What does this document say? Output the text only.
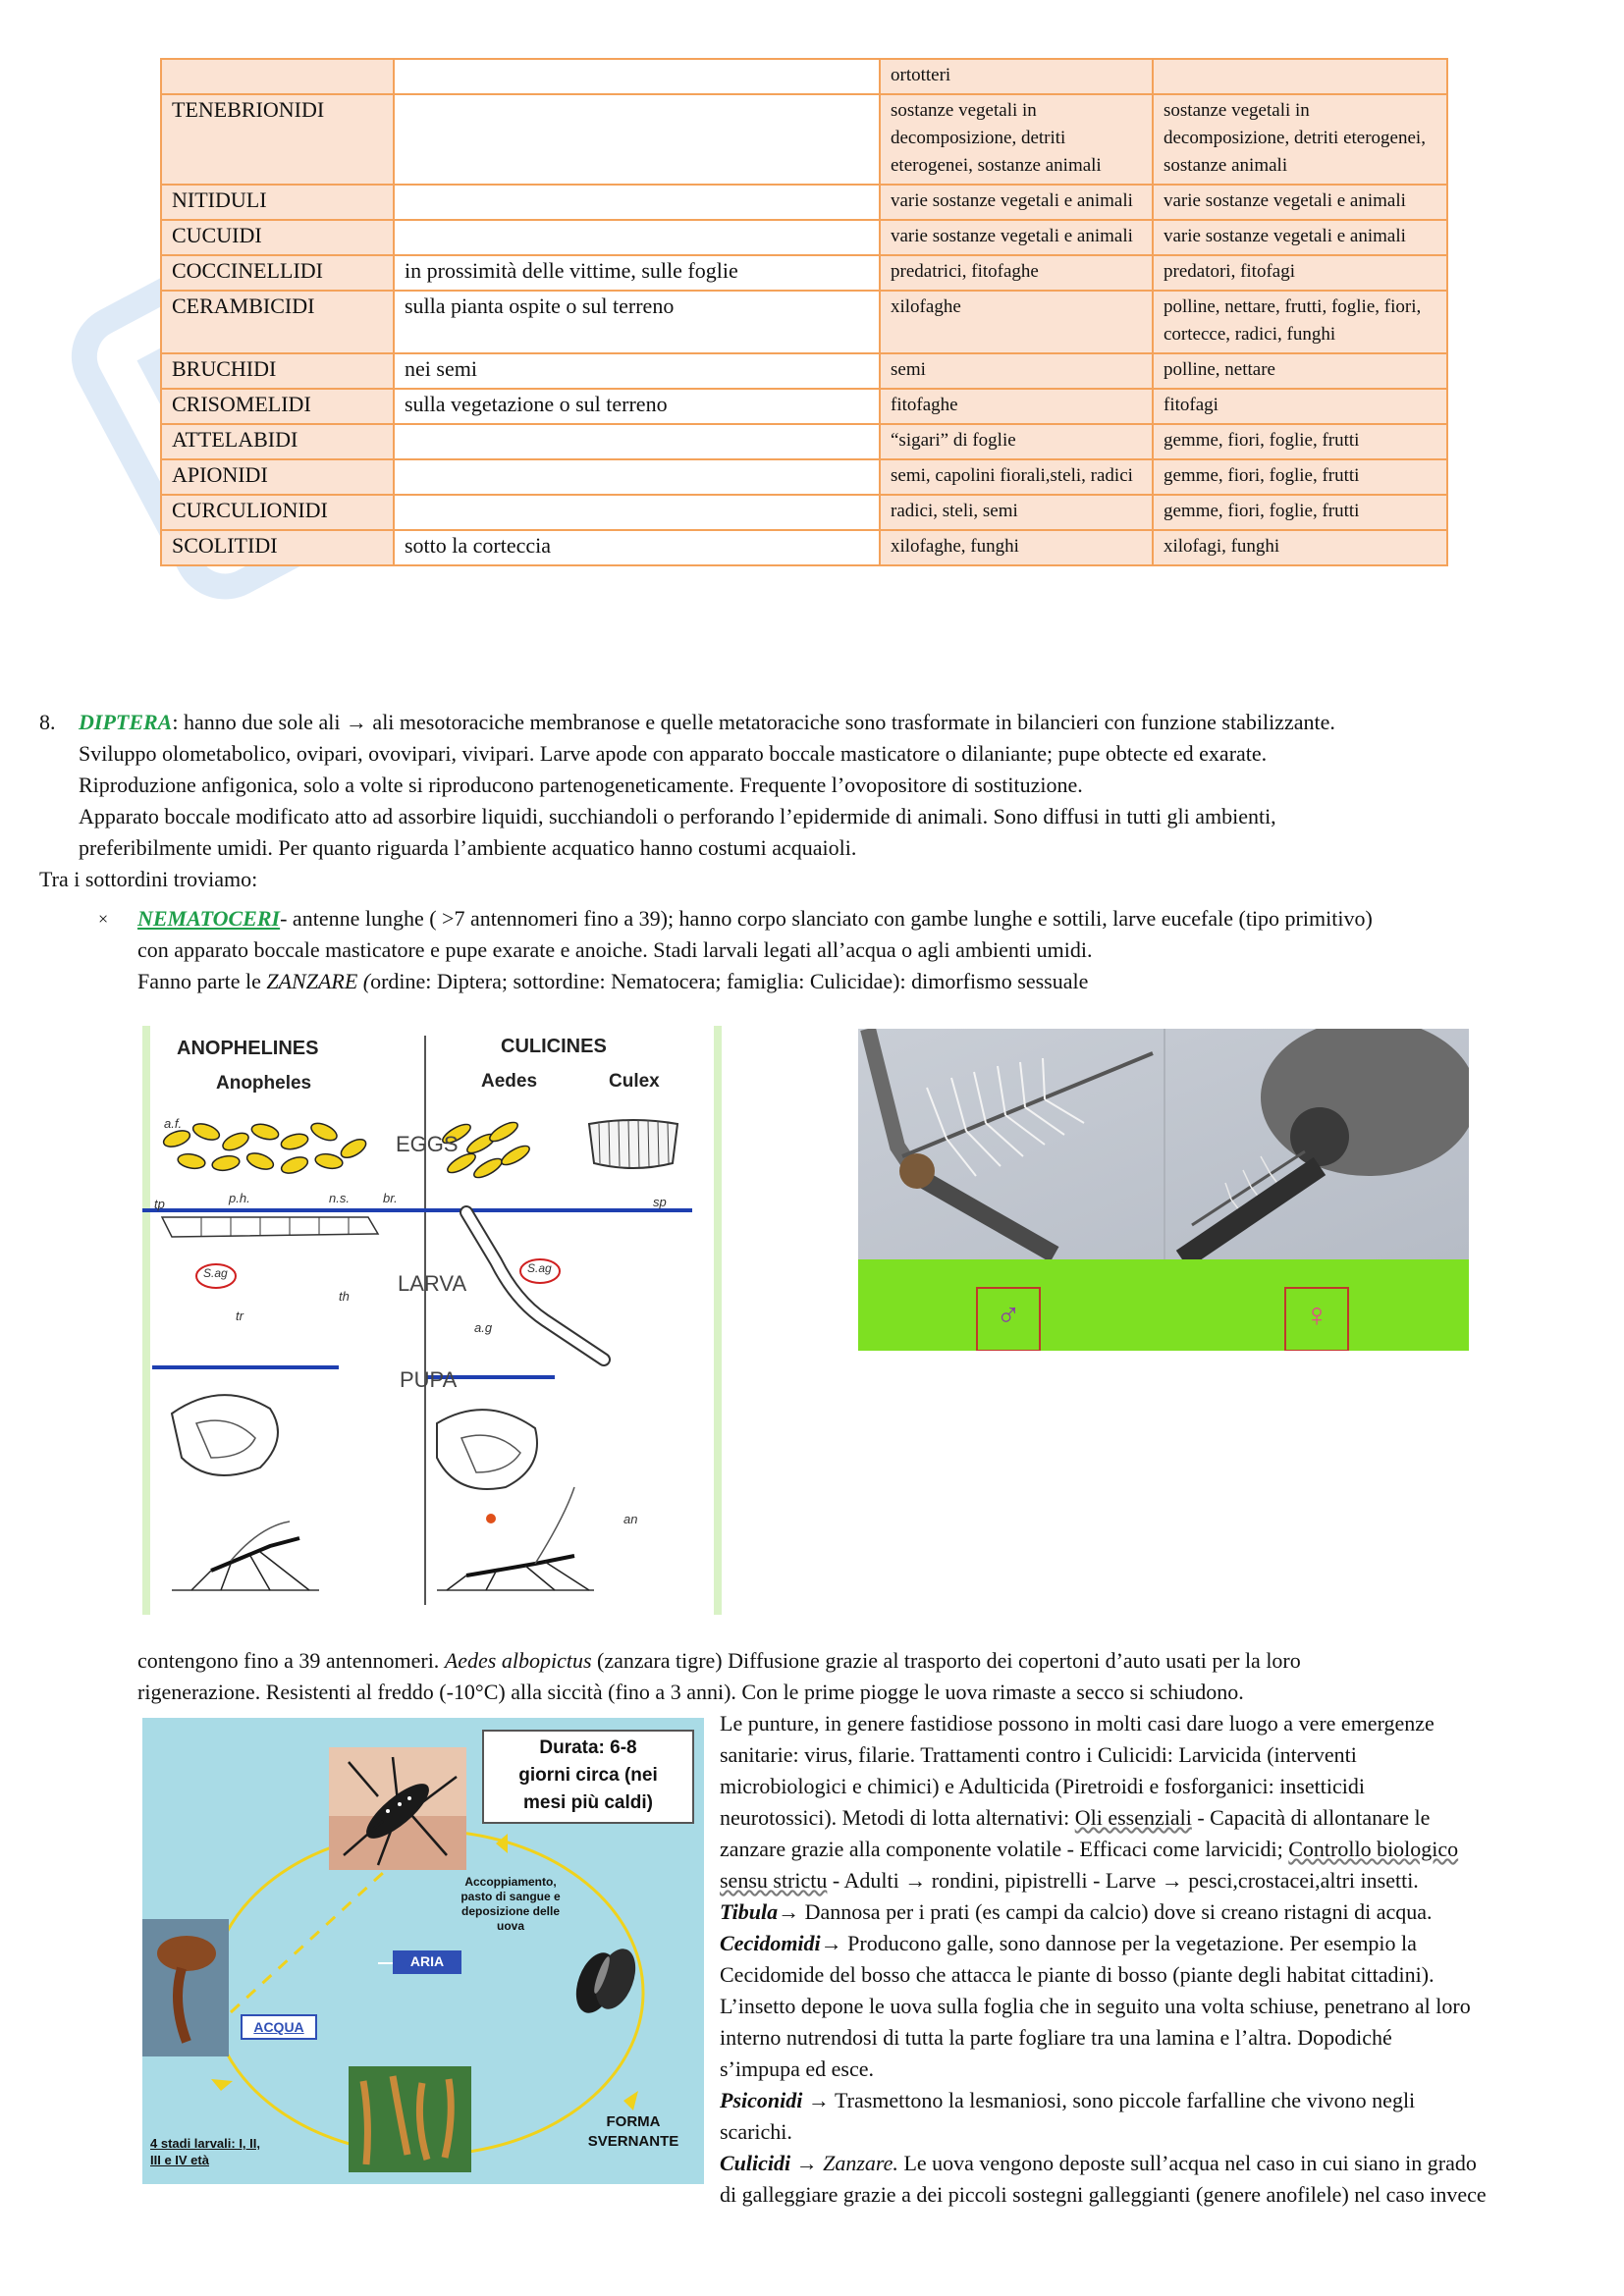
		ortotteri	
TENEBRIONIDI		sostanze vegetali in decomposizione, detriti eterogenei, sostanze animali	sostanze vegetali in decomposizione, detriti eterogenei, sostanze animali
NITIDULI		varie sostanze vegetali e animali	varie sostanze vegetali e animali
CUCUIDI		varie sostanze vegetali e animali	varie sostanze vegetali e animali
COCCINELLIDI	in prossimità delle vittime, sulle foglie	predatrici, fitofaghe	predatori, fitofagi
CERAMBICIDI	sulla pianta ospite o sul terreno	xilofaghe	polline, nettare, frutti, foglie, fiori, cortecce, radici, funghi
BRUCHIDI	nei semi	semi	polline, nettare
CRISOMELIDI	sulla vegetazione o sul terreno	fitofaghe	fitofagi
ATTELABIDI		“sigari” di foglie	gemme, fiori, foglie, frutti
APIONIDI		semi, capolini fiorali,steli, radici	gemme, fiori, foglie, frutti
CURCULIONIDI		radici, steli, semi	gemme, fiori, foglie, frutti
SCOLITIDI	sotto la corteccia	xilofaghe, funghi	xilofagi, funghi
8. DIPTERA: hanno due sole ali → ali mesotoraciche membranose e quelle metatoraciche sono trasformate in bilancieri con funzione stabilizzante.
Sviluppo olometabolico, ovipari, ovovipari, vivipari. Larve apode con apparato boccale masticatore o dilaniante; pupe obtecte ed exarate.
Riproduzione anfigonica, solo a volte si riproducono partenogeneticamente. Frequente l’ovopositore di sostituzione.
Apparato boccale modificato atto ad assorbire liquidi, succhiandoli o perforando l’epidermide di animali. Sono diffusi in tutti gli ambienti,
preferibilmente umidi. Per quanto riguarda l’ambiente acquatico hanno costumi acquaioli.
Tra i sottordini troviamo:
× NEMATOCERI- antenne lunghe ( >7 antennomeri fino a 39); hanno corpo slanciato con gambe lunghe e sottili, larve eucefale (tipo primitivo)
con apparato boccale masticatore e pupe exarate e anoiche. Stadi larvali legati all’acqua o agli ambienti umidi.
Fanno parte le ZANZARE (ordine: Diptera; sottordine: Nematocera; famiglia: Culicidae): dimorfismo sessuale
ANOPHELINES	CULICINES
Anopheles	Aedes	Culex
EGGS
LARVA
PUPA
a.f.
tp	p.h.	n.s.	br.	sp
S.ag	S.ag
th
tr
a.g
an
♂	♀
contengono fino a 39 antennomeri. Aedes albopictus (zanzara tigre) Diffusione grazie al trasporto dei copertoni d’auto usati per la loro
rigenerazione. Resistenti al freddo (-10°C) alla siccità (fino a 3 anni). Con le prime piogge le uova rimaste a secco si schiudono.
Durata: 6-8
giorni circa (nei
mesi più caldi)
Accoppiamento,
pasto di sangue e
deposizione delle
uova
ARIA
ACQUA
FORMA
SVERNANTE
4 stadi larvali: I, II,
III e IV età
Le punture, in genere fastidiose possono in molti casi dare luogo a vere emergenze
sanitarie: virus, filarie. Trattamenti contro i Culicidi: Larvicida (interventi
microbiologici e chimici) e Adulticida (Piretroidi e fosforganici: insetticidi
neurotossici). Metodi di lotta alternativi: Oli essenziali - Capacità di allontanare le
zanzare grazie alla componente volatile - Efficaci come larvicidi; Controllo biologico
sensu strictu - Adulti → rondini, pipistrelli - Larve → pesci,crostacei,altri insetti.
Tibula→ Dannosa per i prati (es campi da calcio) dove si creano ristagni di acqua.
Cecidomidi→ Producono galle, sono dannose per la vegetazione. Per esempio la
Cecidomide del bosso che attacca le piante di bosso (piante degli habitat cittadini).
L’insetto depone le uova sulla foglia che in seguito una volta schiuse, penetrano al loro
interno nutrendosi di tutta la parte fogliare tra una lamina e l’altra. Dopodiché
s’impupa ed esce.
Psiconidi → Trasmettono la lesmaniosi, sono piccole farfalline che vivono negli
scarichi.
Culicidi → Zanzare. Le uova vengono deposte sull’acqua nel caso in cui siano in grado
di galleggiare grazie a dei piccoli sostegni galleggianti (genere anofilele) nel caso invece
